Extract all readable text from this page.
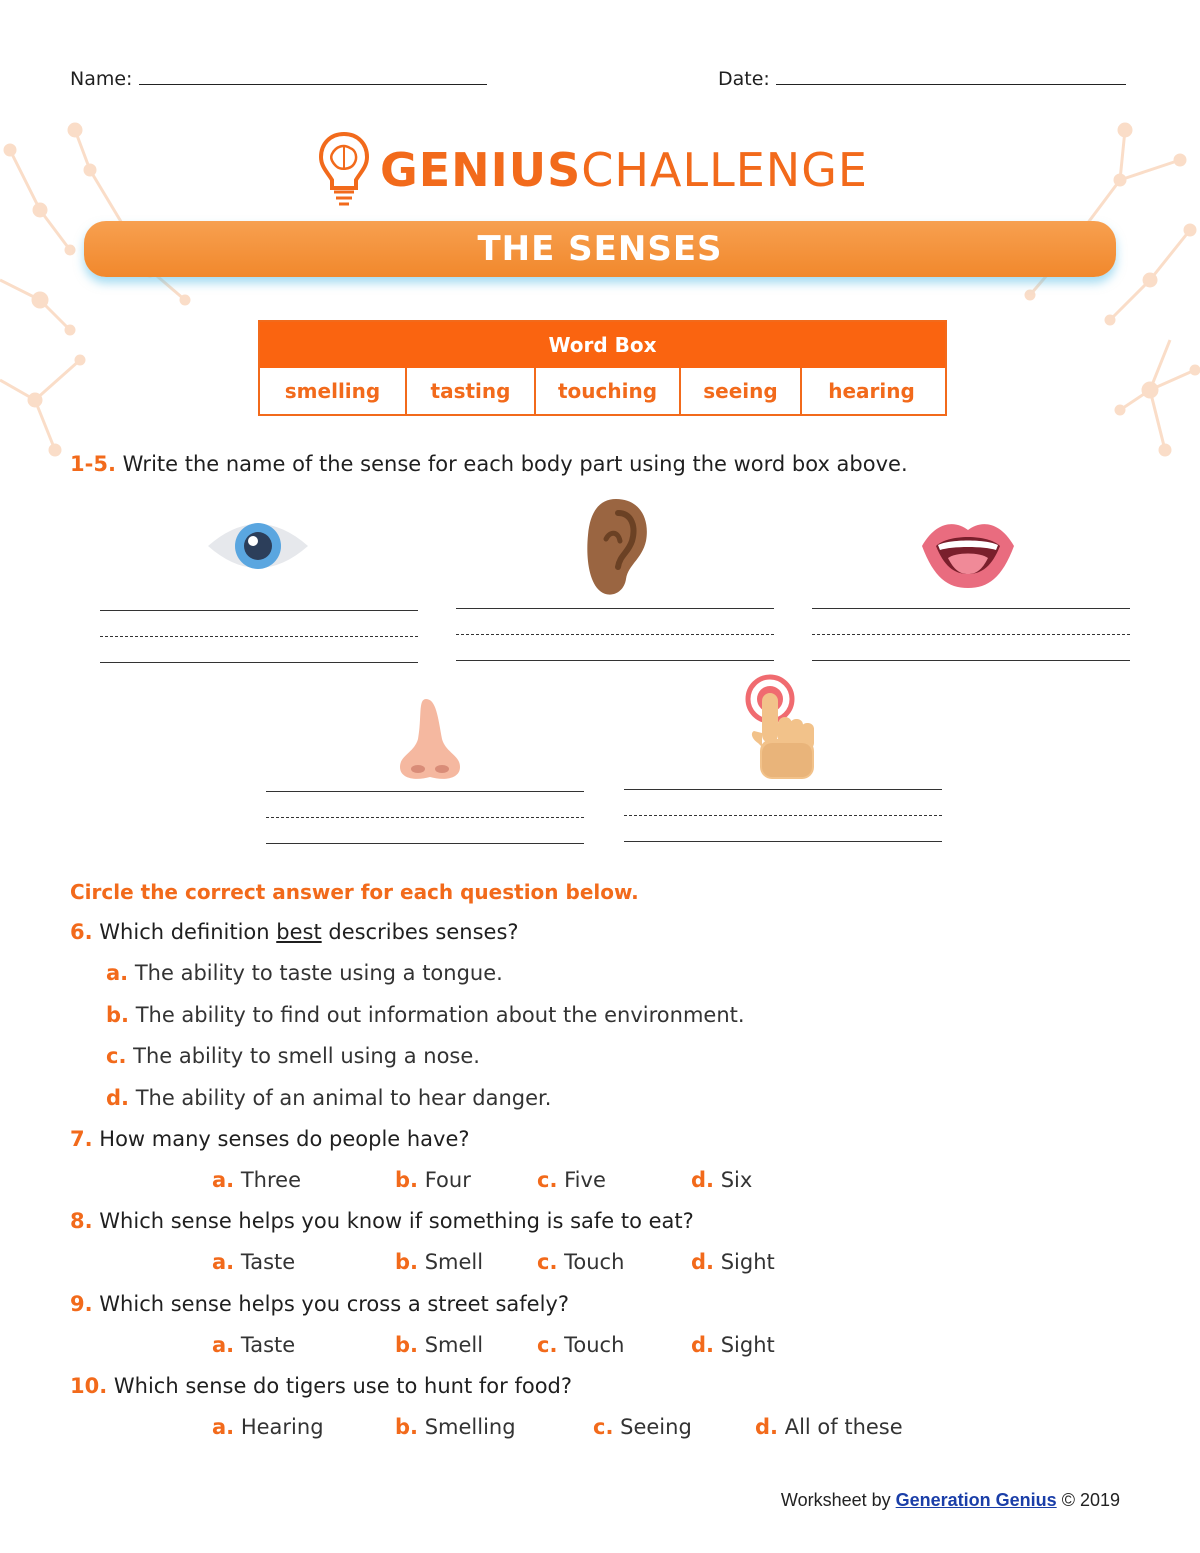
Name:	Date:
GENIUSCHALLENGE
THE SENSES
Word Box
smelling	tasting	touching	seeing	hearing
1-5. Write the name of the sense for each body part using the word box above.
Circle the correct answer for each question below.
6. Which definition best describes senses?
a. The ability to taste using a tongue.
b. The ability to find out information about the environment.
c. The ability to smell using a nose.
d. The ability of an animal to hear danger.
7. How many senses do people have?
a. Three	b. Four	c. Five	d. Six
8. Which sense helps you know if something is safe to eat?
a. Taste	b. Smell	c. Touch	d. Sight
9. Which sense helps you cross a street safely?
a. Taste	b. Smell	c. Touch	d. Sight
10. Which sense do tigers use to hunt for food?
a. Hearing	b. Smelling	c. Seeing	d. All of these
Worksheet by Generation Genius © 2019
